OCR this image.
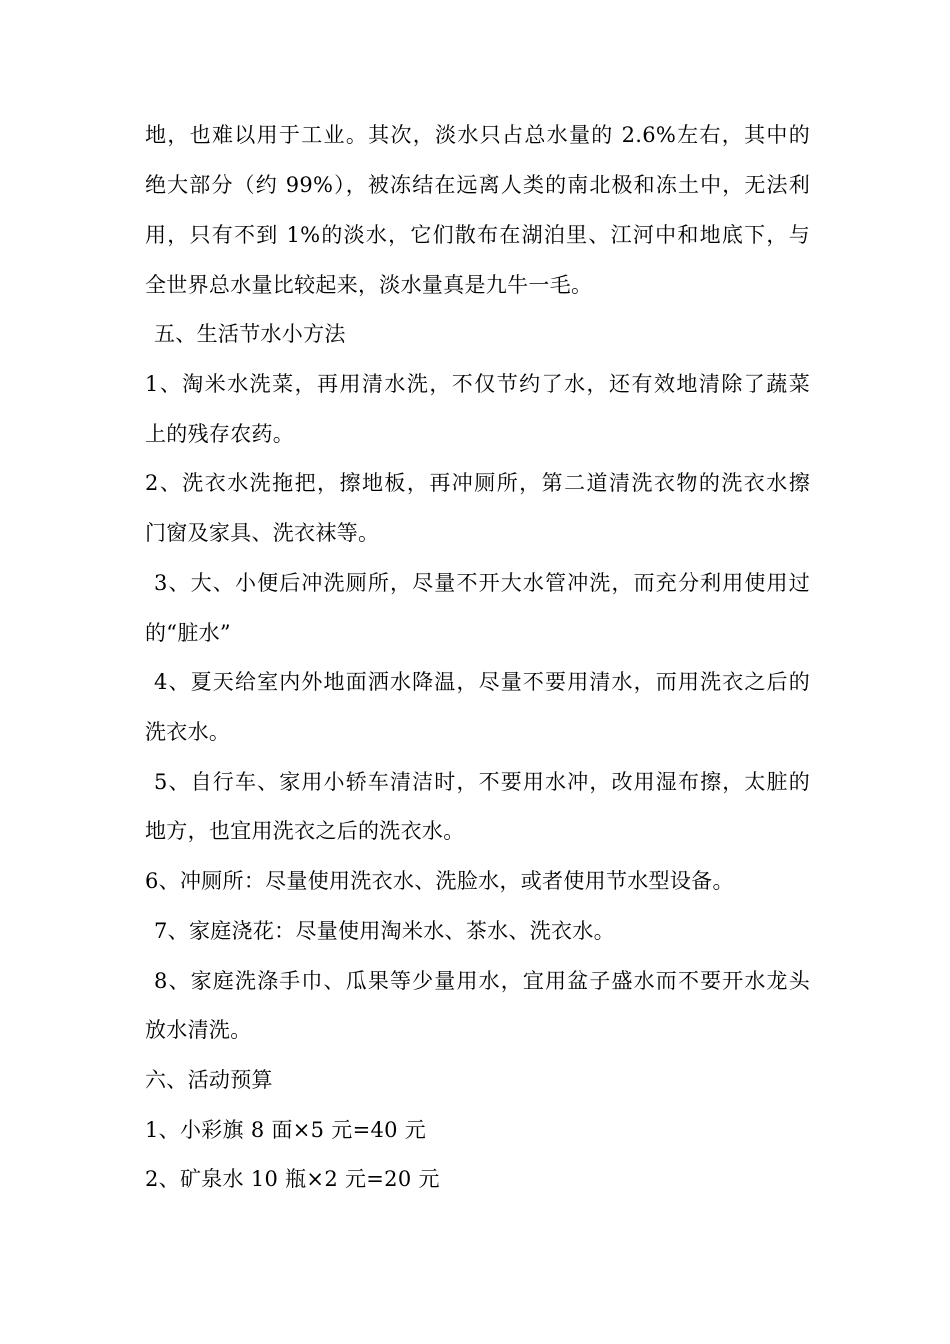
地，也难以用于工业。其次，淡水只占总水量的 2.6%左右，其中的
绝大部分（约 99%），被冻结在远离人类的南北极和冻土中，无法利
用，只有不到 1%的淡水，它们散布在湖泊里、江河中和地底下，与
全世界总水量比较起来，淡水量真是九牛一毛。
五、生活节水小方法
1、淘米水洗菜，再用清水洗，不仅节约了水，还有效地清除了蔬菜
上的残存农药。
2、洗衣水洗拖把，擦地板，再冲厕所，第二道清洗衣物的洗衣水擦
门窗及家具、洗衣袜等。
3、大、小便后冲洗厕所，尽量不开大水管冲洗，而充分利用使用过
的“脏水”
4、夏天给室内外地面洒水降温，尽量不要用清水，而用洗衣之后的
洗衣水。
5、自行车、家用小轿车清洁时，不要用水冲，改用湿布擦，太脏的
地方，也宜用洗衣之后的洗衣水。
6、冲厕所：尽量使用洗衣水、洗脸水，或者使用节水型设备。
7、家庭浇花：尽量使用淘米水、茶水、洗衣水。
8、家庭洗涤手巾、瓜果等少量用水，宜用盆子盛水而不要开水龙头
放水清洗。
六、活动预算
1、小彩旗 8 面×5 元=40 元
2、矿泉水 10 瓶×2 元=20 元
